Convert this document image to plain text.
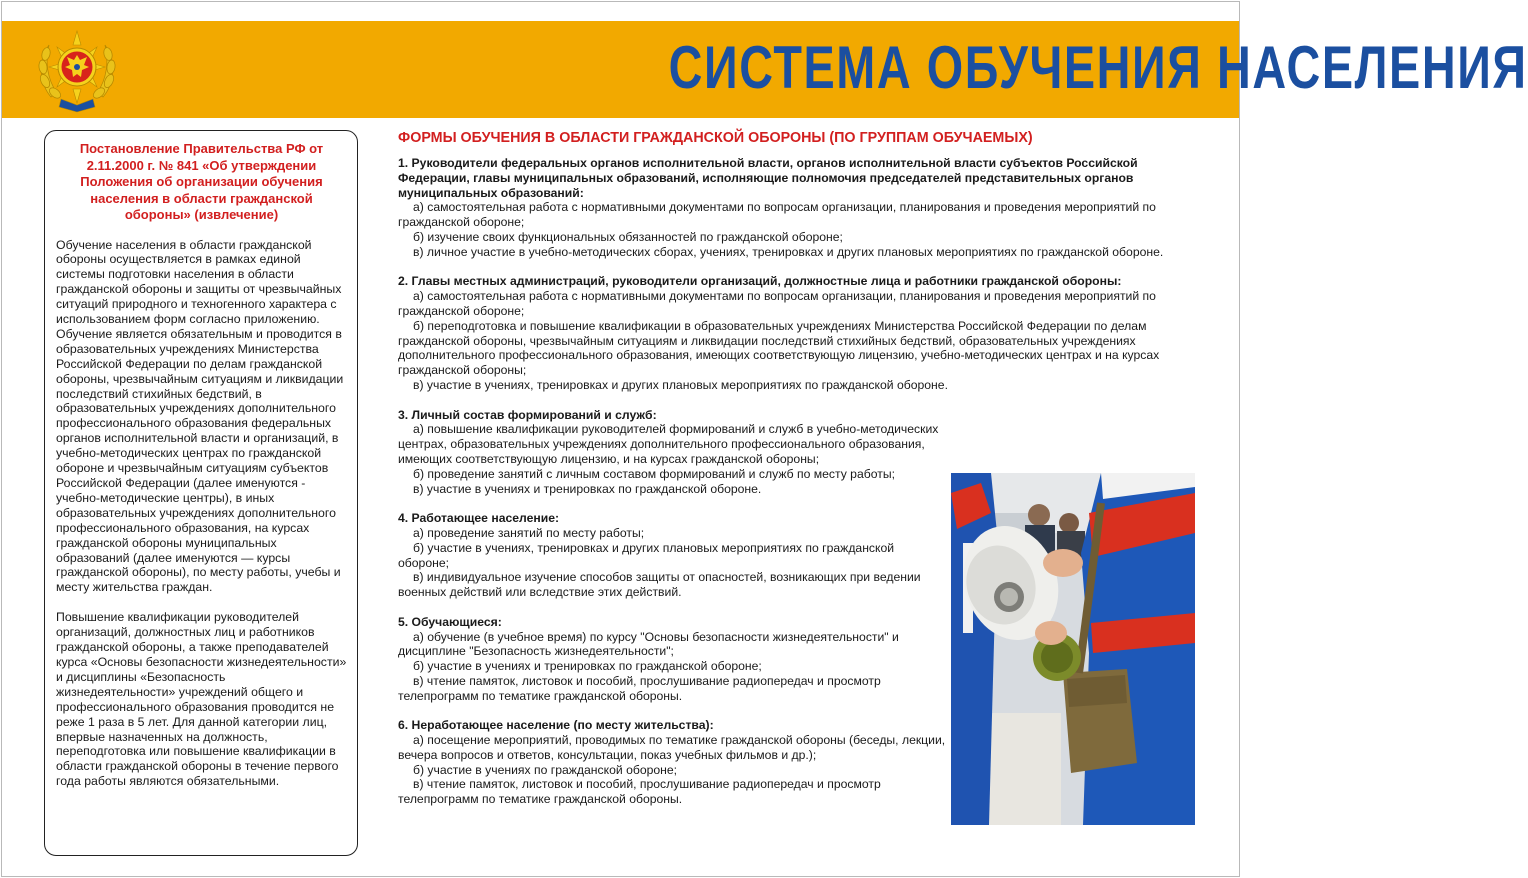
СИСТЕМА ОБУЧЕНИЯ НАСЕЛЕНИЯ

Постановление Правительства РФ от 2.11.2000 г. № 841 «Об утверждении Положения об организации обучения населения в области гражданской обороны» (извлечение)

Обучение населения в области гражданской обороны осуществляется в рамках единой системы подготовки населения в области гражданской обороны и защиты от чрезвычайных ситуаций природного и техногенного характера с использованием форм согласно приложению. Обучение является обязательным и проводится в образовательных учреждениях Министерства Российской Федерации по делам гражданской обороны, чрезвычайным ситуациям и ликвидации последствий стихийных бедствий, в образовательных учреждениях дополнительного профессионального образования федеральных органов исполнительной власти и организаций, в учебно-методических центрах по гражданской обороне и чрезвычайным ситуациям субъектов Российской Федерации (далее именуются - учебно-методические центры), в иных образовательных учреждениях дополнительного профессионального образования, на курсах гражданской обороны муниципальных образований (далее именуются — курсы гражданской обороны), по месту работы, учебы и месту жительства граждан.

Повышение квалификации руководителей организаций, должностных лиц и работников гражданской обороны, а также преподавателей курса «Основы безопасности жизнедеятельности» и дисциплины «Безопасность жизнедеятельности» учреждений общего и профессионального образования проводится не реже 1 раза в 5 лет. Для данной категории лиц, впервые назначенных на должность, переподготовка или повышение квалификации в области гражданской обороны в течение первого года работы являются обязательными.

ФОРМЫ ОБУЧЕНИЯ В ОБЛАСТИ ГРАЖДАНСКОЙ ОБОРОНЫ (ПО ГРУППАМ ОБУЧАЕМЫХ)
1. Руководители федеральных органов исполнительной власти, органов исполнительной власти субъектов Российской Федерации, главы муниципальных образований, исполняющие полномочия председателей представительных органов муниципальных образований:
а) самостоятельная работа с нормативными документами по вопросам организации, планирования и проведения мероприятий по гражданской обороне;
б) изучение своих функциональных обязанностей по гражданской обороне;
в) личное участие в учебно-методических сборах, учениях, тренировках и других плановых мероприятиях по гражданской обороне.
2. Главы местных администраций, руководители организаций, должностные лица и работники гражданской обороны:
а) самостоятельная работа с нормативными документами по вопросам организации, планирования и проведения мероприятий по гражданской обороне;
б) переподготовка и повышение квалификации в образовательных учреждениях Министерства Российской Федерации по делам гражданской обороны, чрезвычайным ситуациям и ликвидации последствий стихийных бедствий, образовательных учреждениях дополнительного профессионального образования, имеющих соответствующую лицензию, учебно-методических центрах и на курсах гражданской обороны;
в) участие в учениях, тренировках и других плановых мероприятиях по гражданской обороне.
3. Личный состав формирований и служб:
а) повышение квалификации руководителей формирований и служб в учебно-методических центрах, образовательных учреждениях дополнительного профессионального образования, имеющих соответствующую лицензию, и на курсах гражданской обороны;
б) проведение занятий с личным составом формирований и служб по месту работы;
в) участие в учениях и тренировках по гражданской обороне.
4. Работающее население:
а) проведение занятий по месту работы;
б) участие в учениях, тренировках и других плановых мероприятиях по гражданской обороне;
в) индивидуальное изучение способов защиты от опасностей, возникающих при ведении военных действий или вследствие этих действий.
5. Обучающиеся:
а) обучение (в учебное время) по курсу "Основы безопасности жизнедеятельности" и дисциплине "Безопасность жизнедеятельности";
б) участие в учениях и тренировках по гражданской обороне;
в) чтение памяток, листовок и пособий, прослушивание радиопередач и просмотр телепрограмм по тематике гражданской обороны.
6. Неработающее население (по месту жительства):
а) посещение мероприятий, проводимых по тематике гражданской обороны (беседы, лекции, вечера вопросов и ответов, консультации, показ учебных фильмов и др.);
б) участие в учениях по гражданской обороне;
в) чтение памяток, листовок и пособий, прослушивание радиопередач и просмотр телепрограмм по тематике гражданской обороны.
